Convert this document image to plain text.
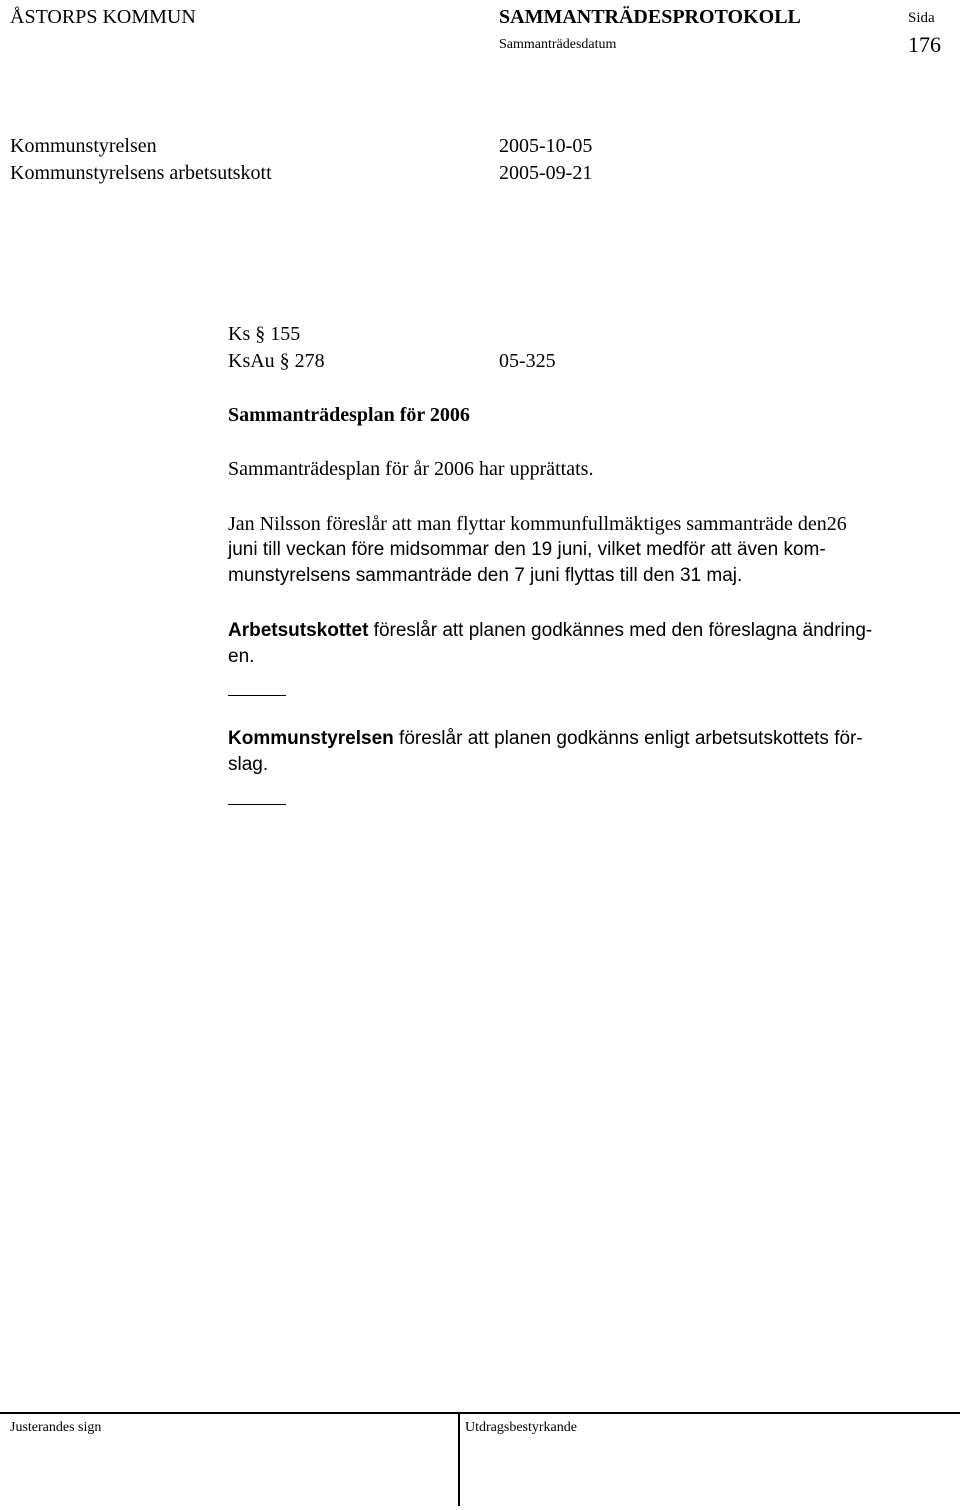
ÅSTORPS KOMMUN	SAMMANTRÄDESPROTOKOLL	Sida
Sammanträdesdatum	176
Kommunstyrelsen	2005-10-05
Kommunstyrelsens arbetsutskott	2005-09-21
Ks § 155
KsAu § 278	05-325
Sammanträdesplan för 2006
Sammanträdesplan för år 2006 har upprättats.
Jan Nilsson föreslår att man flyttar kommunfullmäktiges sammanträde den26
juni till veckan före midsommar den 19 juni, vilket medför att även kom-
munstyrelsens sammanträde den 7 juni flyttas till den 31 maj.
Arbetsutskottet föreslår att planen godkännes med den föreslagna ändring-
en.
Kommunstyrelsen föreslår att planen godkänns enligt arbetsutskottets för-
slag.
Justerandes sign	Utdragsbestyrkande
